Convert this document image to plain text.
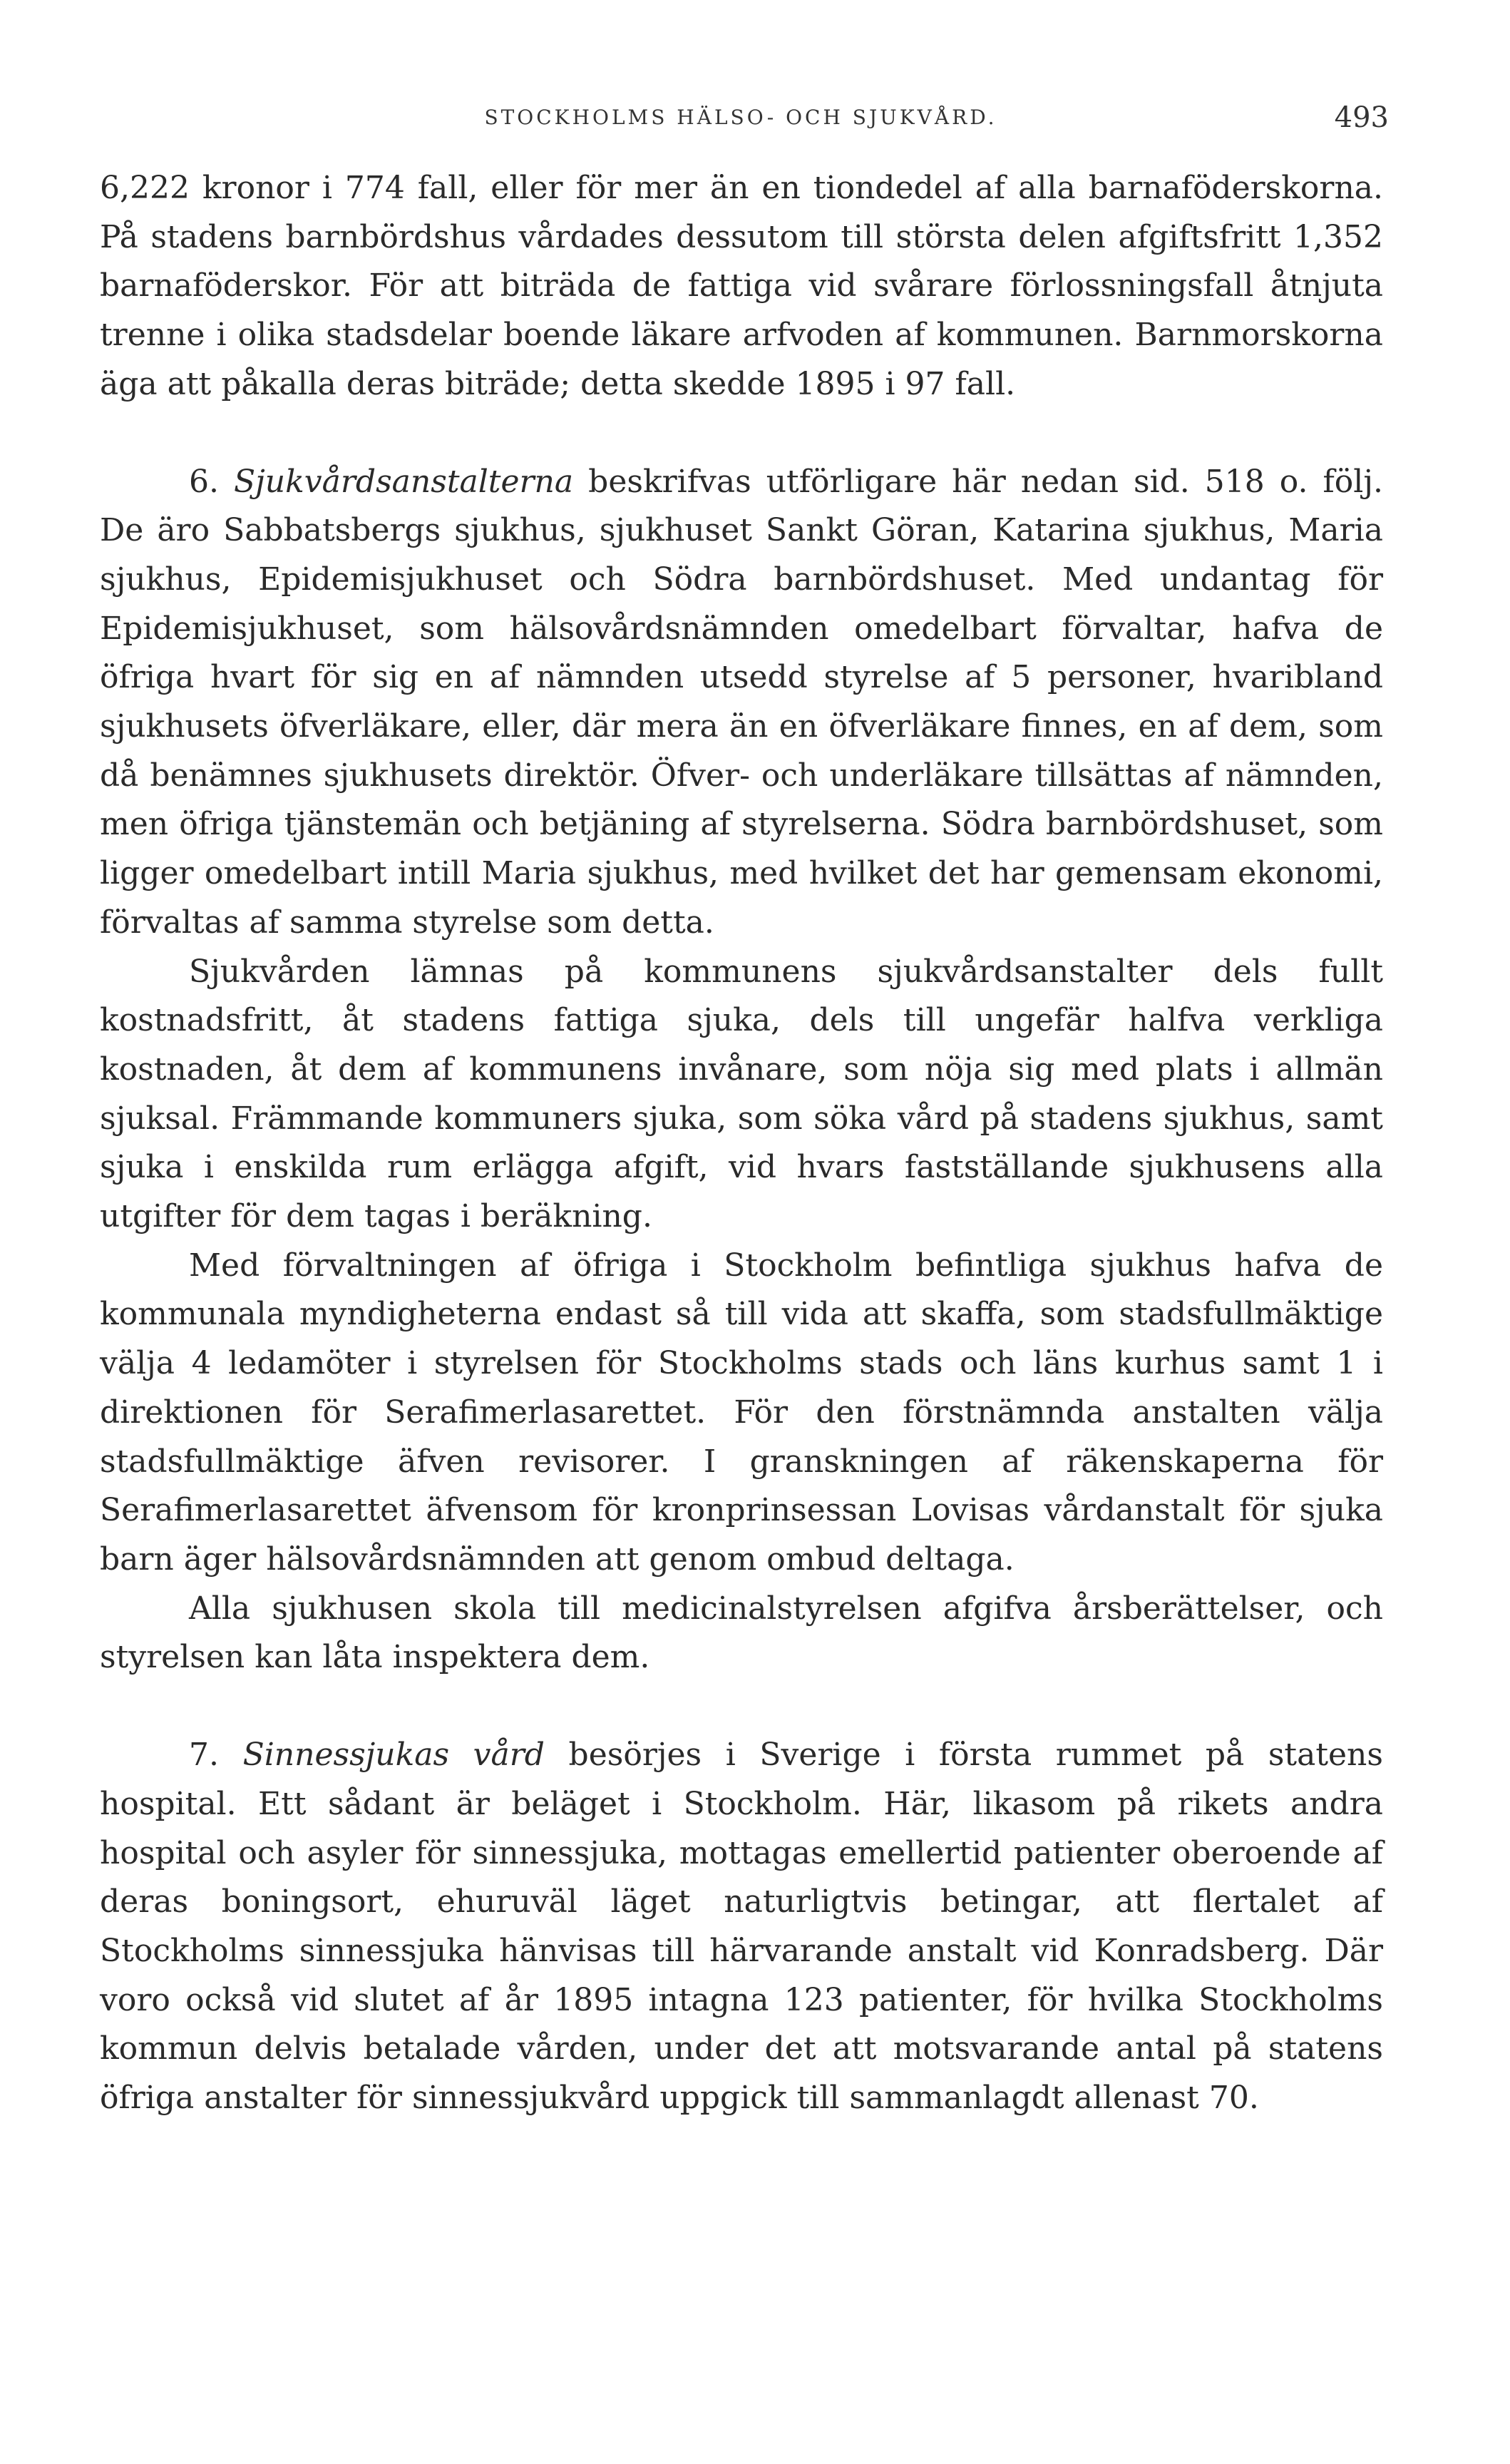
STOCKHOLMS HÄLSO- OCH SJUKVÅRD.	493

6,222 kronor i 774 fall, eller för mer än en tiondedel af alla barnaföderskorna. På stadens barnbördshus vårdades dessutom till största delen afgiftsfritt 1,352 barnaföderskor. För att biträda de fattiga vid svårare förlossningsfall åtnjuta trenne i olika stadsdelar boende läkare arfvoden af kommunen. Barnmorskorna äga att påkalla deras biträde; detta skedde 1895 i 97 fall.

6. Sjukvårdsanstalterna beskrifvas utförligare här nedan sid. 518 o. följ. De äro Sabbatsbergs sjukhus, sjukhuset Sankt Göran, Katarina sjukhus, Maria sjukhus, Epidemisjukhuset och Södra barnbördshuset. Med undantag för Epidemisjukhuset, som hälsovårdsnämnden omedelbart förvaltar, hafva de öfriga hvart för sig en af nämnden utsedd styrelse af 5 personer, hvaribland sjukhusets öfverläkare, eller, där mera än en öfverläkare finnes, en af dem, som då benämnes sjukhusets direktör. Öfver- och underläkare tillsättas af nämnden, men öfriga tjänstemän och betjäning af styrelserna. Södra barnbördshuset, som ligger omedelbart intill Maria sjukhus, med hvilket det har gemensam ekonomi, förvaltas af samma styrelse som detta.

Sjukvården lämnas på kommunens sjukvårdsanstalter dels fullt kostnadsfritt, åt stadens fattiga sjuka, dels till ungefär halfva verkliga kostnaden, åt dem af kommunens invånare, som nöja sig med plats i allmän sjuksal. Främmande kommuners sjuka, som söka vård på stadens sjukhus, samt sjuka i enskilda rum erlägga afgift, vid hvars fastställande sjukhusens alla utgifter för dem tagas i beräkning.

Med förvaltningen af öfriga i Stockholm befintliga sjukhus hafva de kommunala myndigheterna endast så till vida att skaffa, som stadsfullmäktige välja 4 ledamöter i styrelsen för Stockholms stads och läns kurhus samt 1 i direktionen för Serafimerlasarettet. För den förstnämnda anstalten välja stadsfullmäktige äfven revisorer. I granskningen af räkenskaperna för Serafimerlasarettet äfvensom för kronprinsessan Lovisas vårdanstalt för sjuka barn äger hälsovårdsnämnden att genom ombud deltaga.

Alla sjukhusen skola till medicinalstyrelsen afgifva årsberättelser, och styrelsen kan låta inspektera dem.

7. Sinnessjukas vård besörjes i Sverige i första rummet på statens hospital. Ett sådant är beläget i Stockholm. Här, likasom på rikets andra hospital och asyler för sinnessjuka, mottagas emellertid patienter oberoende af deras boningsort, ehuruväl läget naturligtvis betingar, att flertalet af Stockholms sinnessjuka hänvisas till härvarande anstalt vid Konradsberg. Där voro också vid slutet af år 1895 intagna 123 patienter, för hvilka Stockholms kommun delvis betalade vården, under det att motsvarande antal på statens öfriga anstalter för sinnessjukvård uppgick till sammanlagdt allenast 70.
